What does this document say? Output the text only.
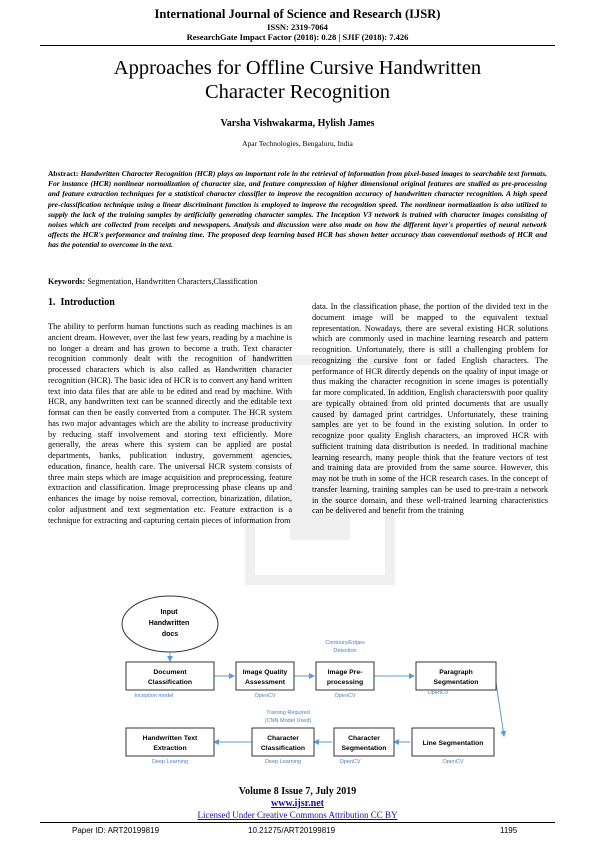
International Journal of Science and Research (IJSR)
ISSN: 2319-7064
ResearchGate Impact Factor (2018): 0.28 | SJIF (2018): 7.426
Approaches for Offline Cursive Handwritten
Character Recognition
Varsha Vishwakarma, Hylish James
Apar Technologies, Bengaluru, India
Abstract: Handwritten Character Recognition (HCR) plays an important role in the retrieval of information from pixel-based images to searchable text formats. For instance (HCR) nonlinear normalization of character size, and feature compression of higher dimensional original features are studied as pre-processing and feature extraction techniques for a statistical character classifier to improve the recognition accuracy of handwritten character recognition. A high speed pre-classification technique using a linear discriminant function is employed to improve the recognition speed. The nonlinear normalization is also utilized to supply the lack of the training samples by artificially generating character samples. The Inception V3 network is trained with character images consisting of noises which are collected from receipts and newspapers. Analysis and discussion were also made on how the different layer's properties of neural network affects the HCR's performance and training time. The proposed deep learning based HCR has shown better accuracy than conventional methods of HCR and has the potential to overcome in the text.
Keywords: Segmentation, Handwritten Characters,Classification
1. Introduction
The ability to perform human functions such as reading machines is an ancient dream. However, over the last few years, reading by a machine is no longer a dream and has grown to become a truth. Text character recognition commonly dealt with the recognition of handwritten processed characters which is also called as Handwritten character recognition (HCR). The basic idea of HCR is to convert any hand written text into data files that are able to be edited and read by machine. With HCR, any handwritten text can be scanned directly and the editable text format can then be easily converted from a computer. The HCR system has two major advantages which are the ability to increase productivity by reducing staff involvement and storing text efficiently. More generally, the areas where this system can be applied are postal departments, banks, publication industry, government agencies, education, finance, health care. The universal HCR system consists of three main steps which are image acquisition and preprocessing, feature extraction and classification. Image preprocessing phase cleans up and enhances the image by noise removal, correction, binarization, dilation, color adjustment and text segmentation etc. Feature extraction is a technique for extracting and capturing certain pieces of information from
data. In the classification phase, the portion of the divided text in the document image will be mapped to the equivalent textual representation. Nowadays, there are several existing HCR solutions which are commonly used in machine learning research and pattern recognition. Unfortunately, there is still a challenging problem for recognizing the cursive font or faded English characters. The performance of HCR directly depends on the quality of input image or thus making the character recognition in scene images is potentially far more complicated. In addition, English characterswith poor quality are typically obtained from old printed documents that are usually caused by damaged print cartridges. Unfortunately, these training samples are yet to be found in the existing solution. In order to recognize poor quality English characters, an improved HCR with sufficient training data distribution is needed. In traditional machine learning research, many people think that the feature vectors of test and training data are provided from the same source. However, this may not be truth in some of the HCR research cases. In the concept of transfer learning, training samples can be used to pre-train a network in the source domain, and these well-trained learning characteristics can be delivered and benefit from the training
Input Handwritten docs
Document Classification
Image Quality Assessment
Image Pre-processing
Paragraph Segmentation
Handwritten Text Extraction
Character Classification
Character Segmentation
Line Segmentation
Inception model	OpenCV	OpenCV	OpenCV
Contours/Edges Detection
Training Required (CNN Model Used)
Deep Learning	Deep Learning	OpenCV	OpenCV
Volume 8 Issue 7, July 2019
www.ijsr.net
Licensed Under Creative Commons Attribution CC BY
Paper ID: ART20199819	10.21275/ART20199819	1195
